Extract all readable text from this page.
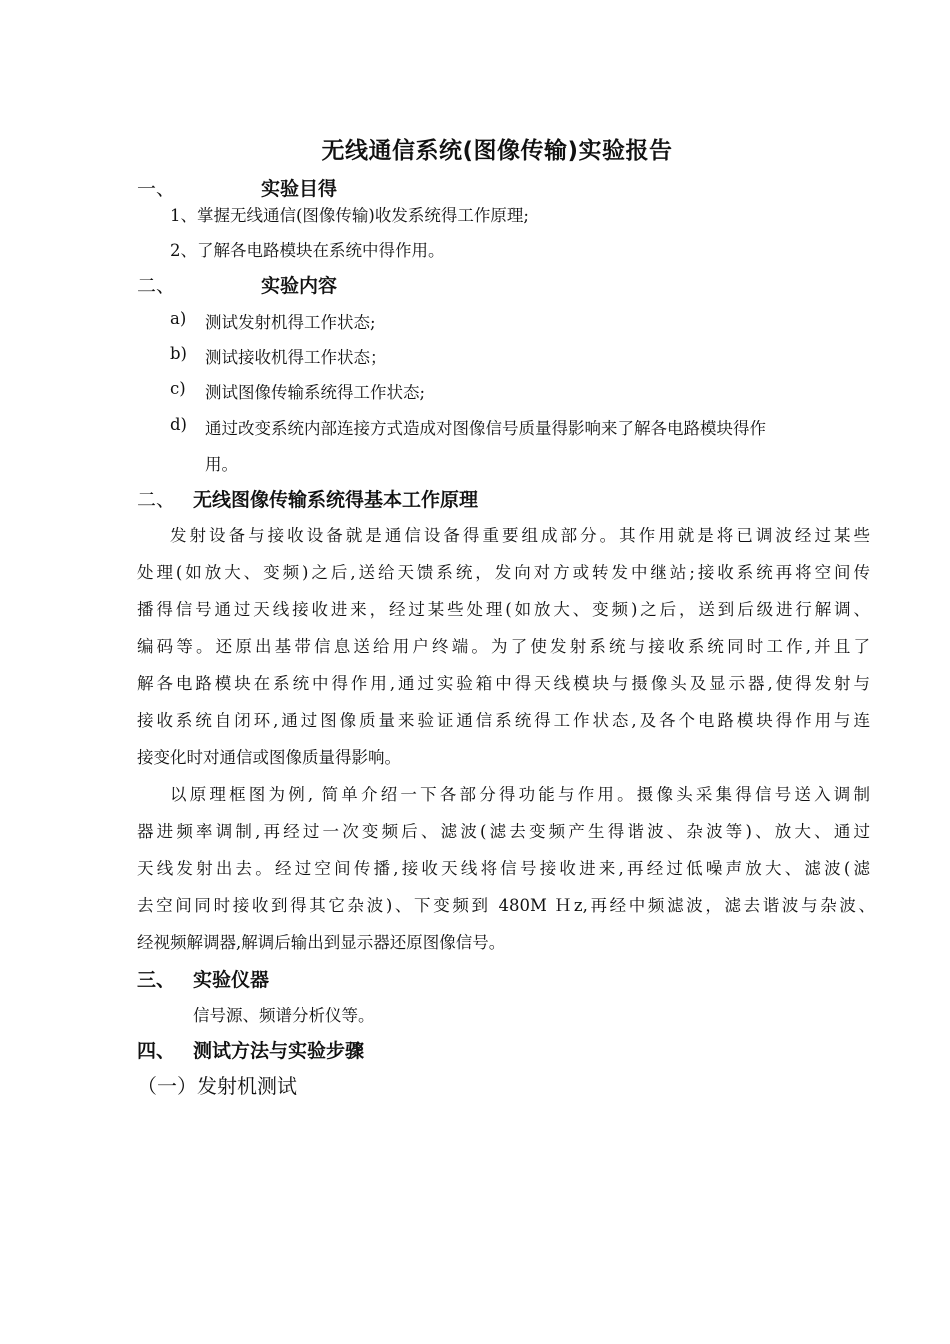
无线通信系统(图像传输)实验报告
一、	实验目得
1、掌握无线通信(图像传输)收发系统得工作原理;
2、了解各电路模块在系统中得作用。
二、	实验内容
a) 测试发射机得工作状态;
b) 测试接收机得工作状态；
c) 测试图像传输系统得工作状态;
d) 通过改变系统内部连接方式造成对图像信号质量得影响来了解各电路模块得作
用。
二、 无线图像传输系统得基本工作原理
发射设备与接收设备就是通信设备得重要组成部分。其作用就是将已调波经过某些
处理(如放大、变频)之后,送给天馈系统，发向对方或转发中继站;接收系统再将空间传
播得信号通过天线接收进来，经过某些处理(如放大、变频)之后，送到后级进行解调、
编码等。还原出基带信息送给用户终端。为了使发射系统与接收系统同时工作,并且了
解各电路模块在系统中得作用,通过实验箱中得天线模块与摄像头及显示器,使得发射与
接收系统自闭环,通过图像质量来验证通信系统得工作状态,及各个电路模块得作用与连
接变化时对通信或图像质量得影响。
以原理框图为例, 简单介绍一下各部分得功能与作用。摄像头采集得信号送入调制
器进频率调制,再经过一次变频后、滤波(滤去变频产生得谐波、杂波等)、放大、通过
天线发射出去。经过空间传播,接收天线将信号接收进来,再经过低噪声放大、滤波(滤
去空间同时接收到得其它杂波)、下变频到 480M Ｈz,再经中频滤波，滤去谐波与杂波、
经视频解调器,解调后输出到显示器还原图像信号。
三、 实验仪器
信号源、频谱分析仪等。
四、 测试方法与实验步骤
（一）发射机测试
